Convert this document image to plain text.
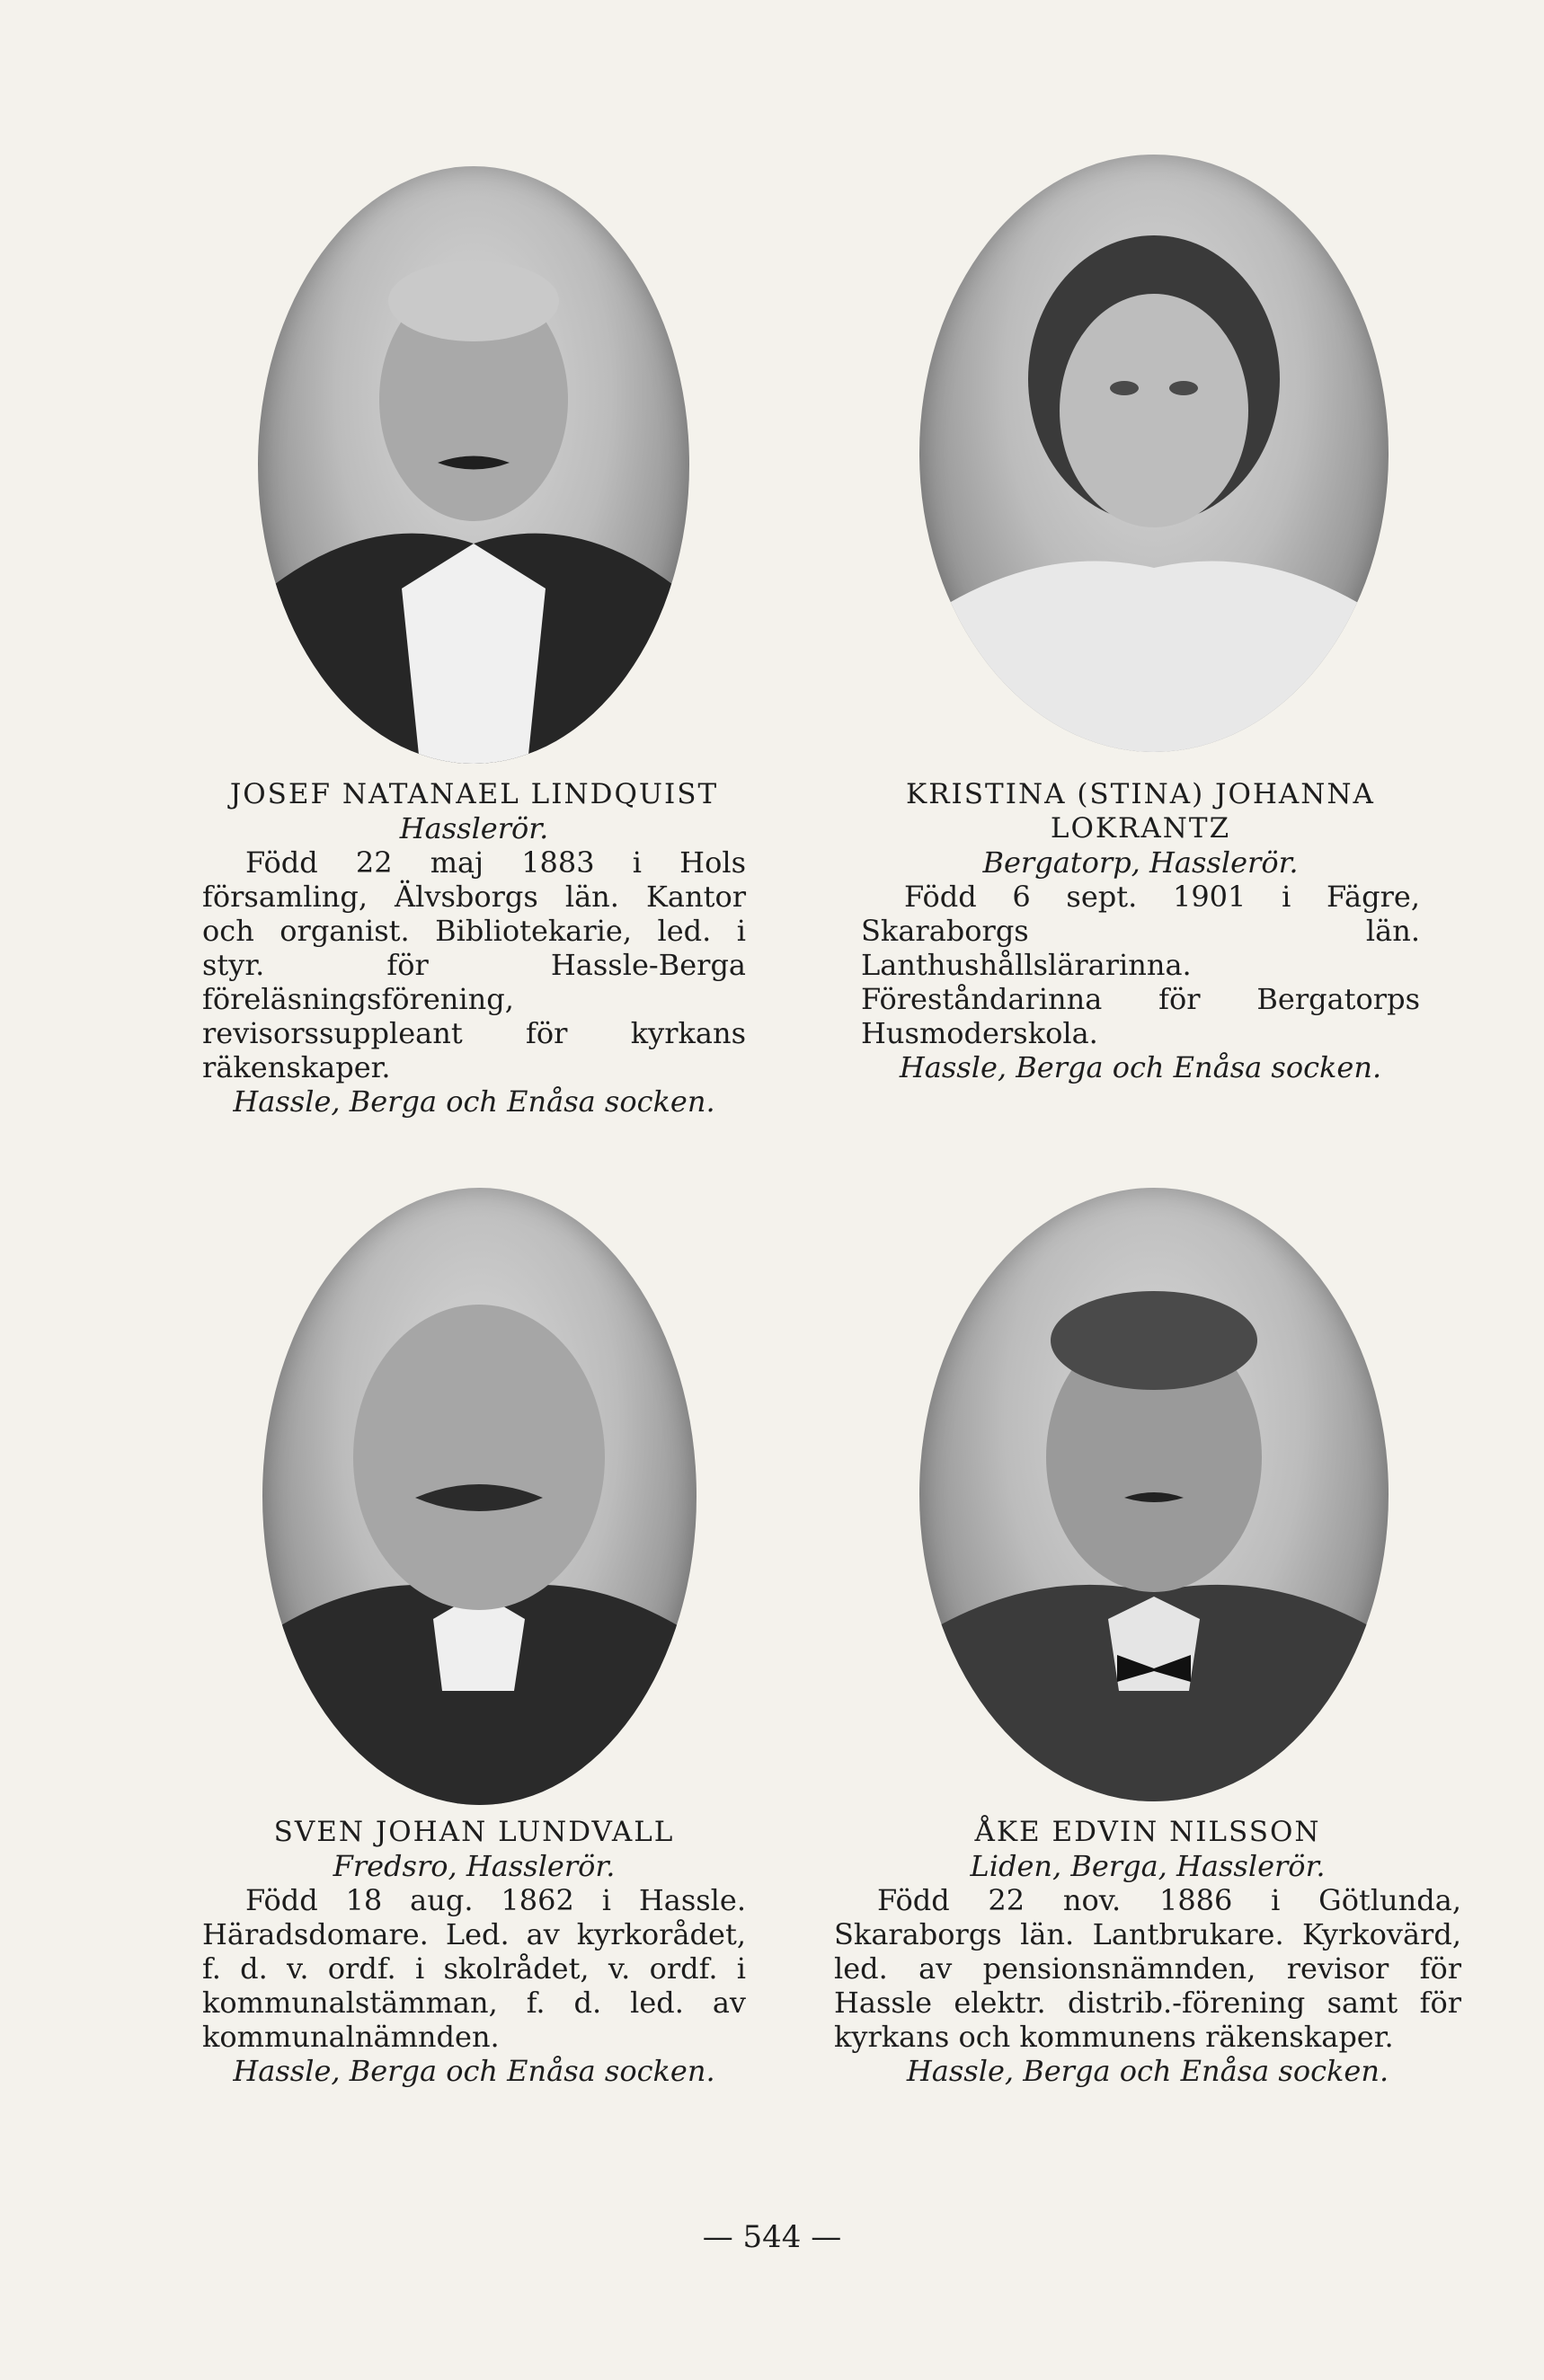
JOSEF NATANAEL LINDQUIST
Hasslerör.

Född 22 maj 1883 i Hols församling, Älvsborgs län. Kantor och organist. Bibliotekarie, led. i styr. för Hassle-Berga föreläsningsförening, revisorssuppleant för kyrkans räkenskaper.

Hassle, Berga och Enåsa socken.
KRISTINA (STINA) JOHANNA LOKRANTZ
Bergatorp, Hasslerör.

Född 6 sept. 1901 i Fägre, Skaraborgs län. Lanthushållslärarinna. Föreståndarinna för Bergatorps Husmoderskola.

Hassle, Berga och Enåsa socken.
SVEN JOHAN LUNDVALL
Fredsro, Hasslerör.

Född 18 aug. 1862 i Hassle. Häradsdomare. Led. av kyrkorådet, f. d. v. ordf. i skolrådet, v. ordf. i kommunalstämman, f. d. led. av kommunalnämnden.

Hassle, Berga och Enåsa socken.
ÅKE EDVIN NILSSON
Liden, Berga, Hasslerör.

Född 22 nov. 1886 i Götlunda, Skaraborgs län. Lantbrukare. Kyrkovärd, led. av pensionsnämnden, revisor för Hassle elektr. distrib.-förening samt för kyrkans och kommunens räkenskaper.

Hassle, Berga och Enåsa socken.
— 544 —
